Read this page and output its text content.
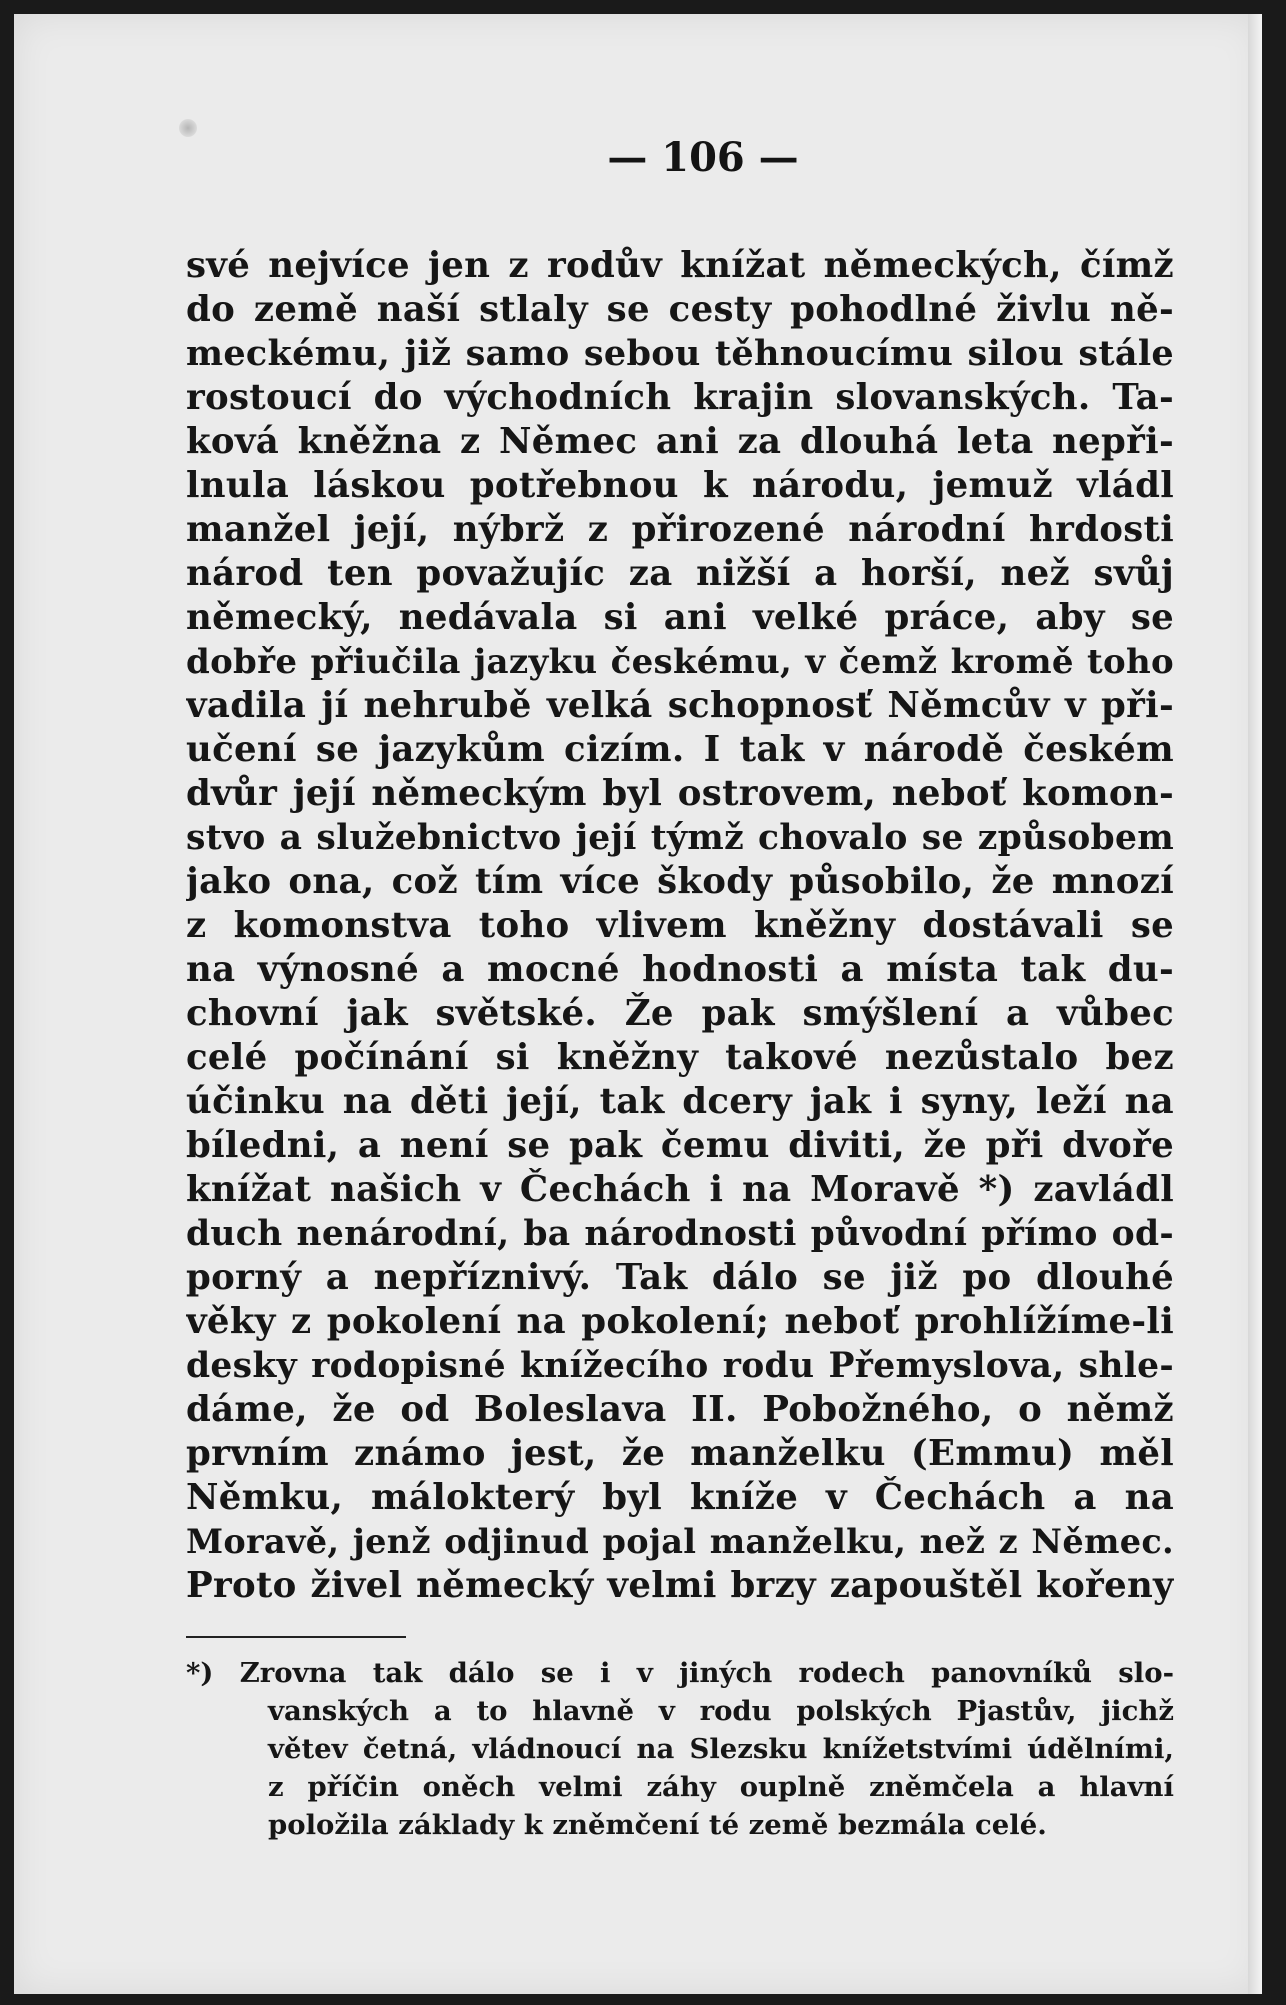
— 106 —
své nejvíce jen z rodův knížat německých, čímž
do země naší stlaly se cesty pohodlné živlu ně-
meckému, již samo sebou těhnoucímu silou stále
rostoucí do východních krajin slovanských. Ta-
ková kněžna z Němec ani za dlouhá leta nepři-
lnula láskou potřebnou k národu, jemuž vládl
manžel její, nýbrž z přirozené národní hrdosti
národ ten považujíc za nižší a horší, než svůj
německý, nedávala si ani velké práce, aby se
dobře přiučila jazyku českému, v čemž kromě toho
vadila jí nehrubě velká schopnosť Němcův v při-
učení se jazykům cizím. I tak v národě českém
dvůr její německým byl ostrovem, neboť komon-
stvo a služebnictvo její týmž chovalo se způsobem
jako ona, což tím více škody působilo, že mnozí
z komonstva toho vlivem kněžny dostávali se
na výnosné a mocné hodnosti a místa tak du-
chovní jak světské. Že pak smýšlení a vůbec
celé počínání si kněžny takové nezůstalo bez
účinku na děti její, tak dcery jak i syny, leží na
bíledni, a není se pak čemu diviti, že při dvoře
knížat našich v Čechách i na Moravě *) zavládl
duch nenárodní, ba národnosti původní přímo od-
porný a nepříznivý. Tak dálo se již po dlouhé
věky z pokolení na pokolení; neboť prohlížíme-li
desky rodopisné knížecího rodu Přemyslova, shle-
dáme, že od Boleslava II. Pobožného, o němž
prvním známo jest, že manželku (Emmu) měl
Němku, málokterý byl kníže v Čechách a na
Moravě, jenž odjinud pojal manželku, než z Němec.
Proto živel německý velmi brzy zapouštěl kořeny
*) Zrovna tak dálo se i v jiných rodech panovníků slo-
vanských a to hlavně v rodu polských Pjastův, jichž
větev četná, vládnoucí na Slezsku knížetstvími údělními,
z příčin oněch velmi záhy ouplně zněmčela a hlavní
položila základy k zněmčení té země bezmála celé.
